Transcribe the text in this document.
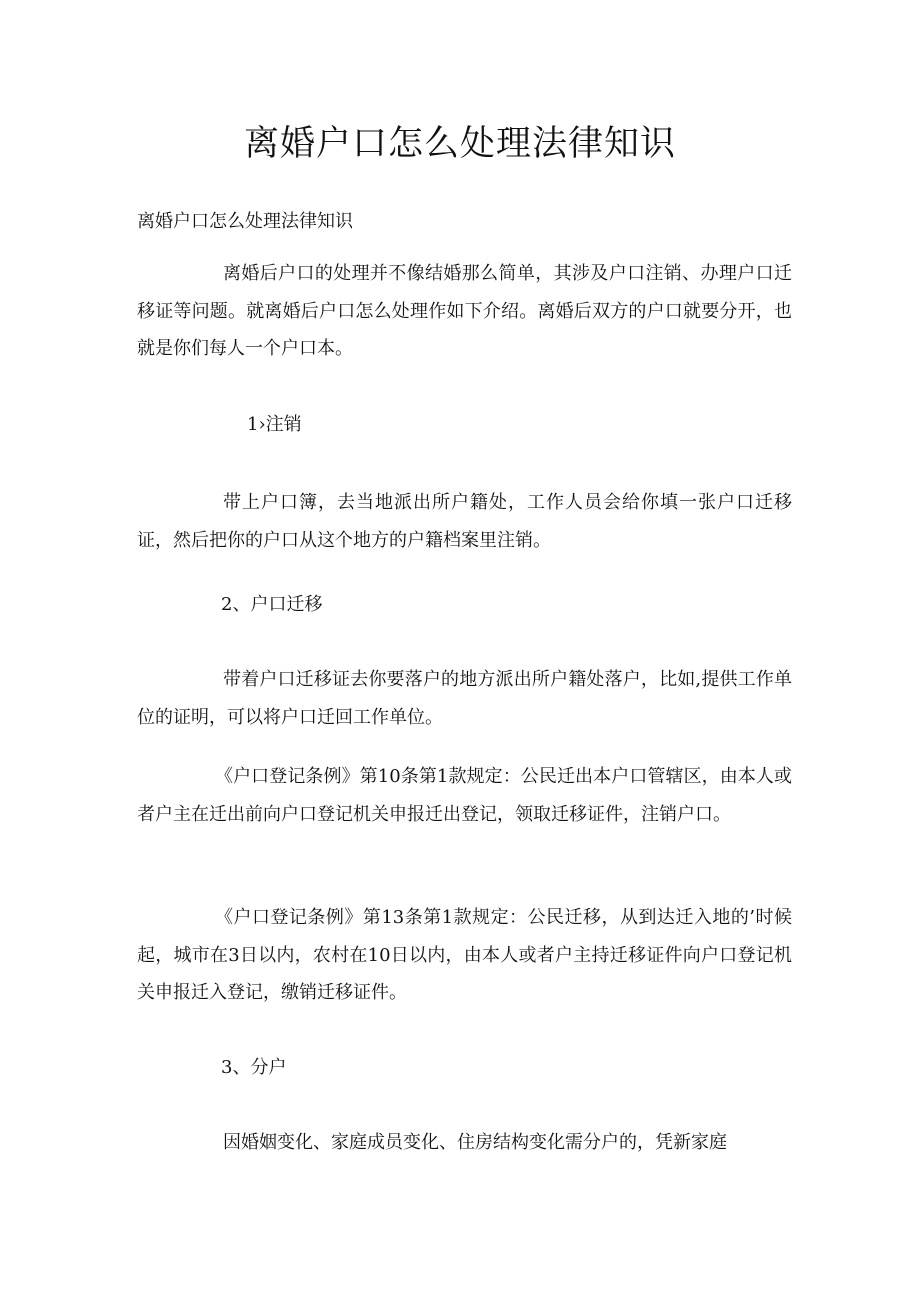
离婚户口怎么处理法律知识
离婚户口怎么处理法律知识
离婚后户口的处理并不像结婚那么简单，其涉及户口注销、办理户口迁移证等问题。就离婚后户口怎么处理作如下介绍。离婚后双方的户口就要分开，也就是你们每人一个户口本。
1›注销
带上户口簿，去当地派出所户籍处，工作人员会给你填一张户口迁移证，然后把你的户口从这个地方的户籍档案里注销。
2、户口迁移
带着户口迁移证去你要落户的地方派出所户籍处落户，比如,提供工作单位的证明，可以将户口迁回工作单位。
《户口登记条例》第10条第1款规定：公民迁出本户口管辖区，由本人或者户主在迁出前向户口登记机关申报迁出登记，领取迁移证件，注销户口。
《户口登记条例》第13条第1款规定：公民迁移，从到达迁入地的’时候起，城市在3日以内，农村在10日以内，由本人或者户主持迁移证件向户口登记机关申报迁入登记，缴销迁移证件。
3、分户
因婚姻变化、家庭成员变化、住房结构变化需分户的，凭新家庭
